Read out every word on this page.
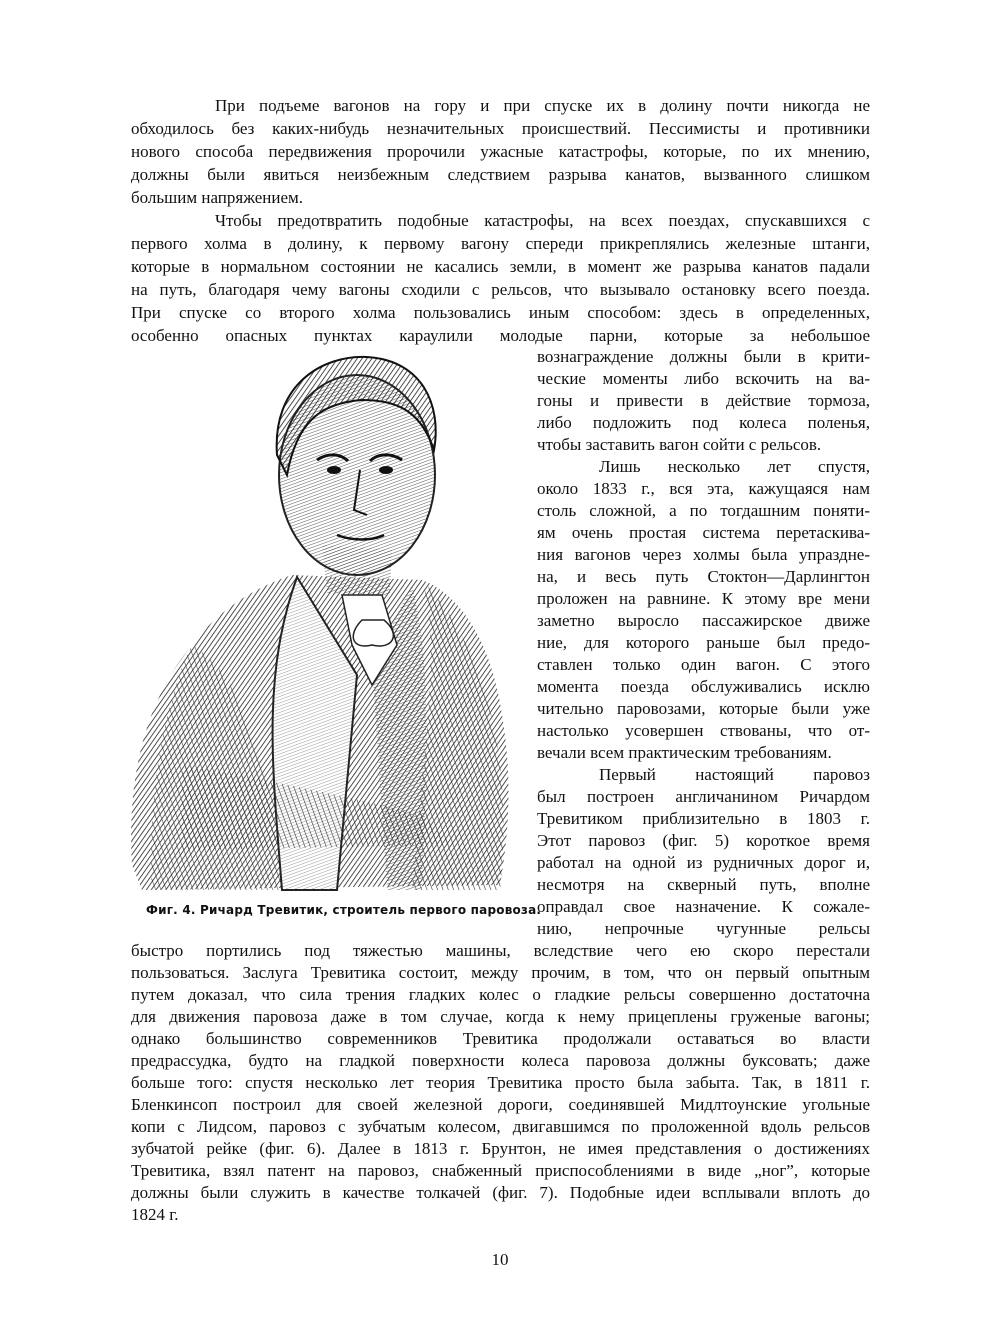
При подъеме вагонов на гору и при спуске их в долину почти никогда не
обходилось без каких-нибудь незначительных происшествий. Пессимисты и противники
нового способа передвижения пророчили ужасные катастрофы, которые, по их мнению,
должны были явиться неизбежным следствием разрыва канатов, вызванного слишком
большим напряжением.
Чтобы предотвратить подобные катастрофы, на всех поездах, спускавшихся с
первого холма в долину, к первому вагону спереди прикреплялись железные штанги,
которые в нормальном состоянии не касались земли, в момент же разрыва канатов падали
на путь, благодаря чему вагоны сходили с рельсов, что вызывало остановку всего поезда.
При спуске со второго холма пользовались иным способом: здесь в определенных,
особенно опасных пунктах караулили молодые парни, которые за небольшое
Фиг. 4. Ричард Тревитик, строитель первого паровоза.
вознаграждение должны были в крити-
ческие моменты либо вскочить на ва-
гоны и привести в действие тормоза,
либо подложить под колеса поленья,
чтобы заставить вагон сойти с рельсов.
Лишь несколько лет спустя,
около 1833 г., вся эта, кажущаяся нам
столь сложной, а по тогдашним поняти-
ям очень простая система перетаскива-
ния вагонов через холмы была упраздне-
на, и весь путь Стоктон—Дарлингтон
проложен на равнине. К этому вре мени
заметно выросло пассажирское движе
ние, для которого раньше был предо-
ставлен только один вагон. С этого
момента поезда обслуживались исклю
чительно паровозами, которые были уже
настолько усовершен ствованы, что от-
вечали всем практическим требованиям.
Первый настоящий паровоз
был построен англичанином Ричардом
Тревитиком приблизительно в 1803 г.
Этот паровоз (фиг. 5) короткое время
работал на одной из рудничных дорог и,
несмотря на скверный путь, вполне
оправдал свое назначение. К сожале-
нию, непрочные чугунные рельсы
быстро портились под тяжестью машины, вследствие чего ею скоро перестали
пользоваться. Заслуга Тревитика состоит, между прочим, в том, что он первый опытным
путем доказал, что сила трения гладких колес о гладкие рельсы совершенно достаточна
для движения паровоза даже в том случае, когда к нему прицеплены груженые вагоны;
однако большинство современников Тревитика продолжали оставаться во власти
предрассудка, будто на гладкой поверхности колеса паровоза должны буксовать; даже
больше того: спустя несколько лет теория Тревитика просто была забыта. Так, в 1811 г.
Бленкинсоп построил для своей железной дороги, соединявшей Мидлтоунские угольные
копи с Лидсом, паровоз с зубчатым колесом, двигавшимся по проложенной вдоль рельсов
зубчатой рейке (фиг. 6). Далее в 1813 г. Брунтон, не имея представления о достижениях
Тревитика, взял патент на паровоз, снабженный приспособлениями в виде „ног”, которые
должны были служить в качестве толкачей (фиг. 7). Подобные идеи всплывали вплоть до
1824 г.
10
